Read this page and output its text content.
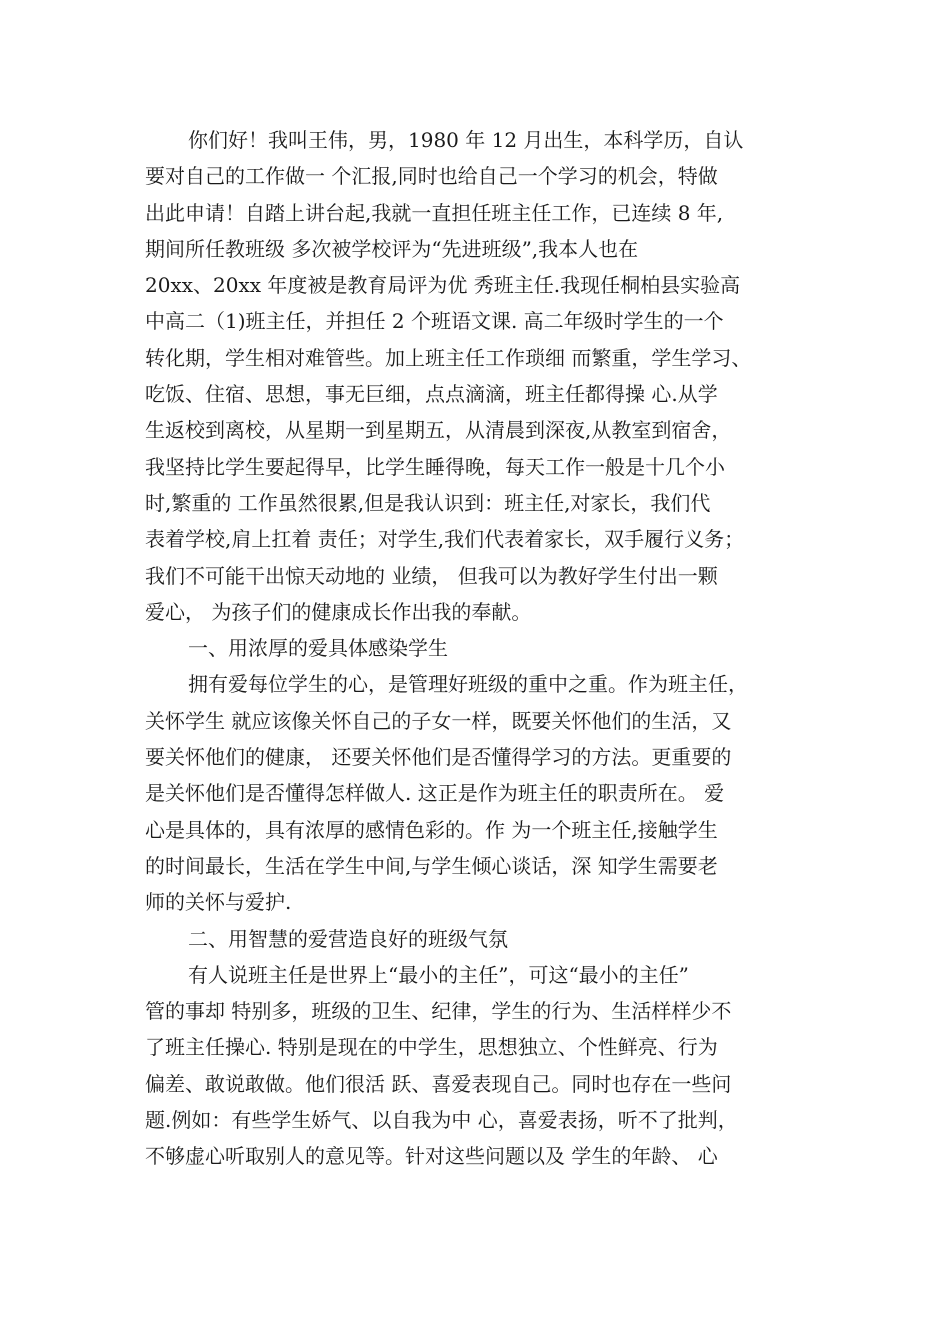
你们好！我叫王伟，男，1980 年 12 月出生，本科学历，自认
要对自己的工作做一 个汇报,同时也给自己一个学习的机会，特做
出此申请！自踏上讲台起,我就一直担任班主任工作，已连续 8 年,
期间所任教班级 多次被学校评为“先进班级”,我本人也在
20xx、20xx 年度被是教育局评为优 秀班主任.我现任桐柏县实验高
中高二（1)班主任，并担任 2 个班语文课. 高二年级时学生的一个
转化期，学生相对难管些。加上班主任工作琐细 而繁重，学生学习、
吃饭、住宿、思想，事无巨细，点点滴滴，班主任都得操 心.从学
生返校到离校，从星期一到星期五，从清晨到深夜,从教室到宿舍，
我坚持比学生要起得早，比学生睡得晚，每天工作一般是十几个小
时,繁重的 工作虽然很累,但是我认识到：班主任,对家长，我们代
表着学校,肩上扛着 责任；对学生,我们代表着家长，双手履行义务；
我们不可能干出惊天动地的 业绩， 但我可以为教好学生付出一颗
爱心， 为孩子们的健康成长作出我的奉献。
一、用浓厚的爱具体感染学生
拥有爱每位学生的心，是管理好班级的重中之重。作为班主任，
关怀学生 就应该像关怀自己的子女一样，既要关怀他们的生活，又
要关怀他们的健康， 还要关怀他们是否懂得学习的方法。更重要的
是关怀他们是否懂得怎样做人. 这正是作为班主任的职责所在。 爱
心是具体的，具有浓厚的感情色彩的。作 为一个班主任,接触学生
的时间最长，生活在学生中间,与学生倾心谈话，深 知学生需要老
师的关怀与爱护.
二、用智慧的爱营造良好的班级气氛
有人说班主任是世界上“最小的主任”，可这“最小的主任”
管的事却 特别多，班级的卫生、纪律，学生的行为、生活样样少不
了班主任操心. 特别是现在的中学生，思想独立、个性鲜亮、行为
偏差、敢说敢做。他们很活 跃、喜爱表现自己。同时也存在一些问
题.例如：有些学生娇气、以自我为中 心，喜爱表扬，听不了批判，
不够虚心听取别人的意见等。针对这些问题以及 学生的年龄、 心
